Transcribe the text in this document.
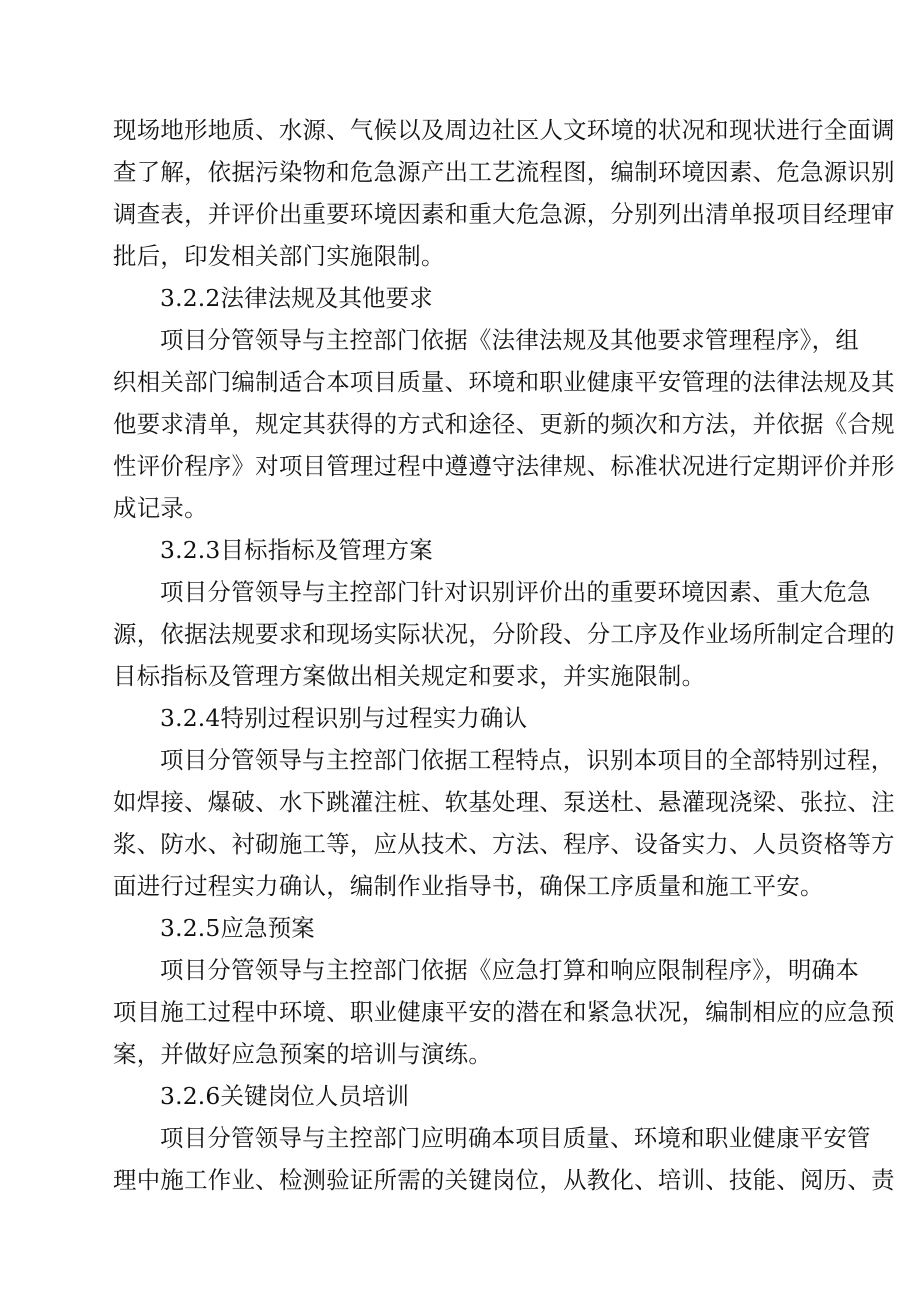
现场地形地质、水源、气候以及周边社区人文环境的状况和现状进行全面调
查了解，依据污染物和危急源产出工艺流程图，编制环境因素、危急源识别
调查表，并评价出重要环境因素和重大危急源，分别列出清单报项目经理审
批后，印发相关部门实施限制。
3.2.2法律法规及其他要求
项目分管领导与主控部门依据《法律法规及其他要求管理程序》，组
织相关部门编制适合本项目质量、环境和职业健康平安管理的法律法规及其
他要求清单，规定其获得的方式和途径、更新的频次和方法，并依据《合规
性评价程序》对项目管理过程中遵遵守法律规、标准状况进行定期评价并形
成记录。
3.2.3目标指标及管理方案
项目分管领导与主控部门针对识别评价出的重要环境因素、重大危急
源，依据法规要求和现场实际状况，分阶段、分工序及作业场所制定合理的
目标指标及管理方案做出相关规定和要求，并实施限制。
3.2.4特别过程识别与过程实力确认
项目分管领导与主控部门依据工程特点，识别本项目的全部特别过程，
如焊接、爆破、水下跳灌注桩、软基处理、泵送杜、悬灌现浇梁、张拉、注
浆、防水、衬砌施工等，应从技术、方法、程序、设备实力、人员资格等方
面进行过程实力确认，编制作业指导书，确保工序质量和施工平安。
3.2.5应急预案
项目分管领导与主控部门依据《应急打算和响应限制程序》，明确本
项目施工过程中环境、职业健康平安的潜在和紧急状况，编制相应的应急预
案，并做好应急预案的培训与演练。
3.2.6关键岗位人员培训
项目分管领导与主控部门应明确本项目质量、环境和职业健康平安管
理中施工作业、检测验证所需的关键岗位，从教化、培训、技能、阅历、责
